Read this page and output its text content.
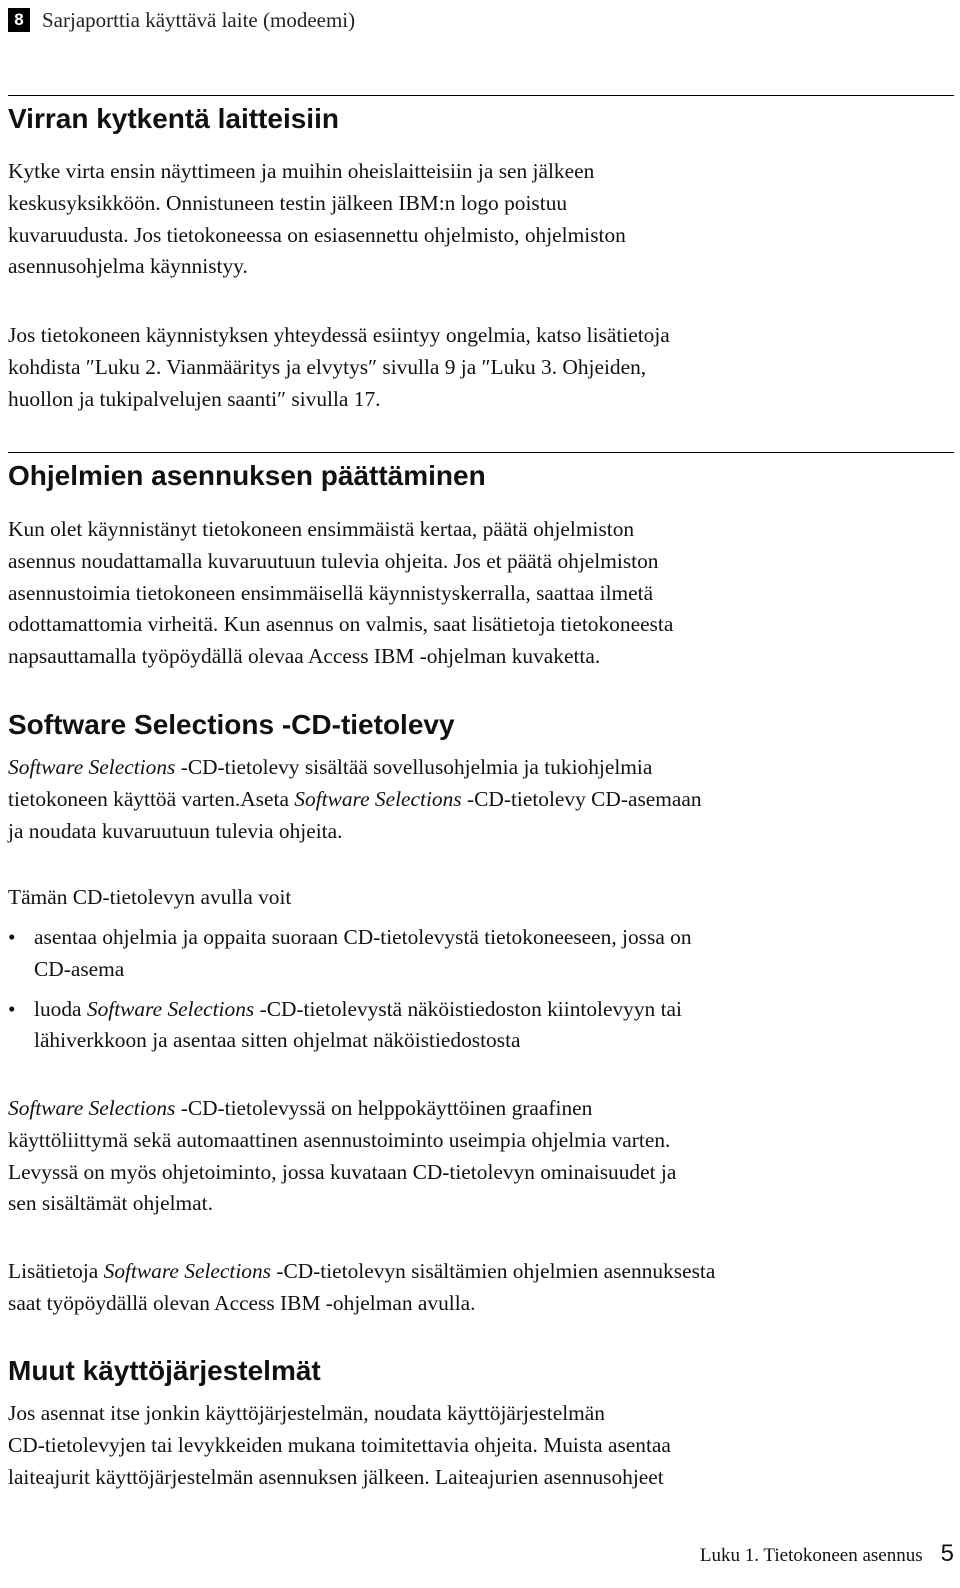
8 Sarjaporttia käyttävä laite (modeemi)
Virran kytkentä laitteisiin

Kytke virta ensin näyttimeen ja muihin oheislaitteisiin ja sen jälkeen
keskusyksikköön. Onnistuneen testin jälkeen IBM:n logo poistuu
kuvaruudusta. Jos tietokoneessa on esiasennettu ohjelmisto, ohjelmiston
asennusohjelma käynnistyy.

Jos tietokoneen käynnistyksen yhteydessä esiintyy ongelmia, katso lisätietoja
kohdista ″Luku 2. Vianmääritys ja elvytys″ sivulla 9 ja ″Luku 3. Ohjeiden,
huollon ja tukipalvelujen saanti″ sivulla 17.

Ohjelmien asennuksen päättäminen

Kun olet käynnistänyt tietokoneen ensimmäistä kertaa, päätä ohjelmiston
asennus noudattamalla kuvaruutuun tulevia ohjeita. Jos et päätä ohjelmiston
asennustoimia tietokoneen ensimmäisellä käynnistyskerralla, saattaa ilmetä
odottamattomia virheitä. Kun asennus on valmis, saat lisätietoja tietokoneesta
napsauttamalla työpöydällä olevaa Access IBM -ohjelman kuvaketta.

Software Selections -CD-tietolevy

Software Selections -CD-tietolevy sisältää sovellusohjelmia ja tukiohjelmia
tietokoneen käyttöä varten.Aseta Software Selections -CD-tietolevy CD-asemaan
ja noudata kuvaruutuun tulevia ohjeita.

Tämän CD-tietolevyn avulla voit

• asentaa ohjelmia ja oppaita suoraan CD-tietolevystä tietokoneeseen, jossa on
CD-asema
• luoda Software Selections -CD-tietolevystä näköistiedoston kiintolevyyn tai
lähiverkkoon ja asentaa sitten ohjelmat näköistiedostosta

Software Selections -CD-tietolevyssä on helppokäyttöinen graafinen
käyttöliittymä sekä automaattinen asennustoiminto useimpia ohjelmia varten.
Levyssä on myös ohjetoiminto, jossa kuvataan CD-tietolevyn ominaisuudet ja
sen sisältämät ohjelmat.

Lisätietoja Software Selections -CD-tietolevyn sisältämien ohjelmien asennuksesta
saat työpöydällä olevan Access IBM -ohjelman avulla.

Muut käyttöjärjestelmät

Jos asennat itse jonkin käyttöjärjestelmän, noudata käyttöjärjestelmän
CD-tietolevyjen tai levykkeiden mukana toimitettavia ohjeita. Muista asentaa
laiteajurit käyttöjärjestelmän asennuksen jälkeen. Laiteajurien asennusohjeet

Luku 1. Tietokoneen asennus 5
